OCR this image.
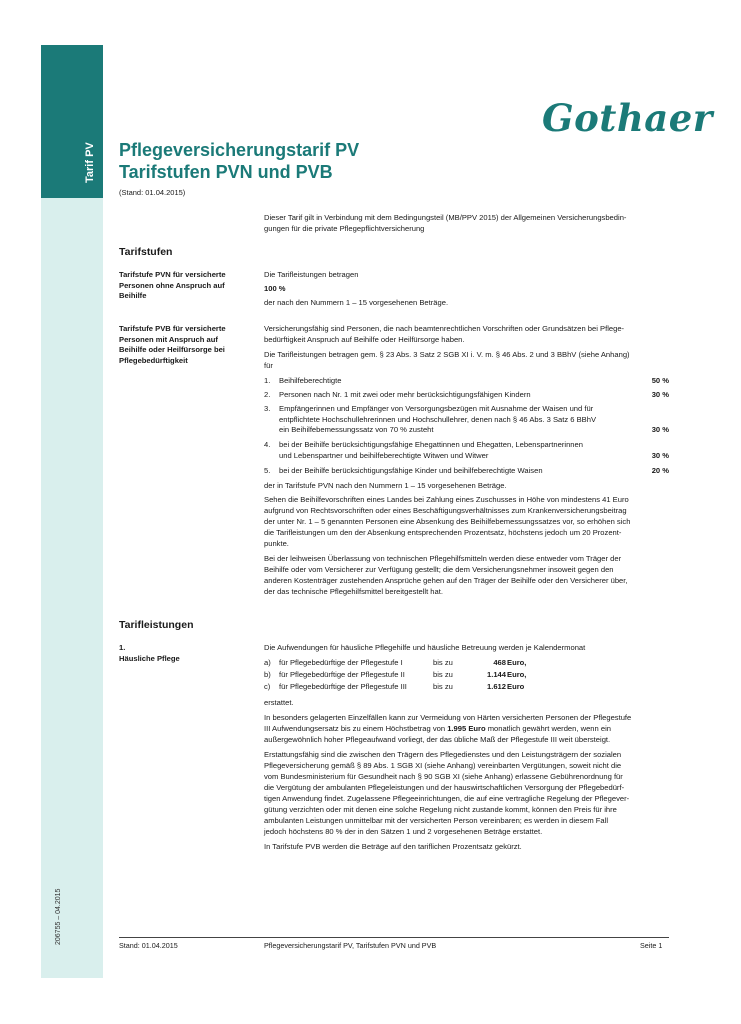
Tarif PV
206755 – 04.2015
Gothaer
Pflegeversicherungstarif PV
Tarifstufen PVN und PVB
(Stand: 01.04.2015)
Dieser Tarif gilt in Verbindung mit dem Bedingungsteil (MB/PPV 2015) der Allgemeinen Versicherungsbedin-
gungen für die private Pflegepflichtversicherung
Tarifstufen
Tarifstufe PVN für versicherte
Personen ohne Anspruch auf
Beihilfe
Die Tarifleistungen betragen
100 %
der nach den Nummern 1 – 15 vorgesehenen Beträge.
Tarifstufe PVB für versicherte
Personen mit Anspruch auf
Beihilfe oder Heilfürsorge bei
Pflegebedürftigkeit
Versicherungsfähig sind Personen, die nach beamtenrechtlichen Vorschriften oder Grundsätzen bei Pflege-
bedürftigkeit Anspruch auf Beihilfe oder Heilfürsorge haben.
Die Tarifleistungen betragen gem. § 23 Abs. 3 Satz 2 SGB XI i. V. m. § 46 Abs. 2 und 3 BBhV (siehe Anhang)
für
1. Beihilfeberechtigte	50 %
2. Personen nach Nr. 1 mit zwei oder mehr berücksichtigungsfähigen Kindern	30 %
3. Empfängerinnen und Empfänger von Versorgungsbezügen mit Ausnahme der Waisen und für
entpflichtete Hochschullehrerinnen und Hochschullehrer, denen nach § 46 Abs. 3 Satz 6 BBhV
ein Beihilfebemessungssatz von 70 % zusteht	30 %
4. bei der Beihilfe berücksichtigungsfähige Ehegattinnen und Ehegatten, Lebenspartnerinnen
und Lebenspartner und beihilfeberechtigte Witwen und Witwer	30 %
5. bei der Beihilfe berücksichtigungsfähige Kinder und beihilfeberechtigte Waisen	20 %
der in Tarifstufe PVN nach den Nummern 1 – 15 vorgesehenen Beträge.
Sehen die Beihilfevorschriften eines Landes bei Zahlung eines Zuschusses in Höhe von mindestens 41 Euro
aufgrund von Rechtsvorschriften oder eines Beschäftigungsverhältnisses zum Krankenversicherungsbeitrag
der unter Nr. 1 – 5 genannten Personen eine Absenkung des Beihilfebemessungssatzes vor, so erhöhen sich
die Tarifleistungen um den der Absenkung entsprechenden Prozentsatz, höchstens jedoch um 20 Prozent-
punkte.
Bei der leihweisen Überlassung von technischen Pflegehilfsmitteln werden diese entweder vom Träger der
Beihilfe oder vom Versicherer zur Verfügung gestellt; die dem Versicherungsnehmer insoweit gegen den
anderen Kostenträger zustehenden Ansprüche gehen auf den Träger der Beihilfe oder den Versicherer über,
der das technische Pflegehilfsmittel bereitgestellt hat.
Tarifleistungen
1.
Häusliche Pflege
Die Aufwendungen für häusliche Pflegehilfe und häusliche Betreuung werden je Kalendermonat
a) für Pflegebedürftige der Pflegestufe I	bis zu	468 Euro,
b) für Pflegebedürftige der Pflegestufe II	bis zu	1.144 Euro,
c) für Pflegebedürftige der Pflegestufe III	bis zu	1.612 Euro
erstattet.
In besonders gelagerten Einzelfällen kann zur Vermeidung von Härten versicherten Personen der Pflegestufe
III Aufwendungsersatz bis zu einem Höchstbetrag von 1.995 Euro monatlich gewährt werden, wenn ein
außergewöhnlich hoher Pflegeaufwand vorliegt, der das übliche Maß der Pflegestufe III weit übersteigt.
Erstattungsfähig sind die zwischen den Trägern des Pflegedienstes und den Leistungsträgern der sozialen
Pflegeversicherung gemäß § 89 Abs. 1 SGB XI (siehe Anhang) vereinbarten Vergütungen, soweit nicht die
vom Bundesministerium für Gesundheit nach § 90 SGB XI (siehe Anhang) erlassene Gebührenordnung für
die Vergütung der ambulanten Pflegeleistungen und der hauswirtschaftlichen Versorgung der Pflegebedürf-
tigen Anwendung findet. Zugelassene Pflegeeinrichtungen, die auf eine vertragliche Regelung der Pflegever-
gütung verzichten oder mit denen eine solche Regelung nicht zustande kommt, können den Preis für ihre
ambulanten Leistungen unmittelbar mit der versicherten Person vereinbaren; es werden in diesem Fall
jedoch höchstens 80 % der in den Sätzen 1 und 2 vorgesehenen Beträge erstattet.
In Tarifstufe PVB werden die Beträge auf den tariflichen Prozentsatz gekürzt.
Stand: 01.04.2015	Pflegeversicherungstarif PV, Tarifstufen PVN und PVB	Seite 1
